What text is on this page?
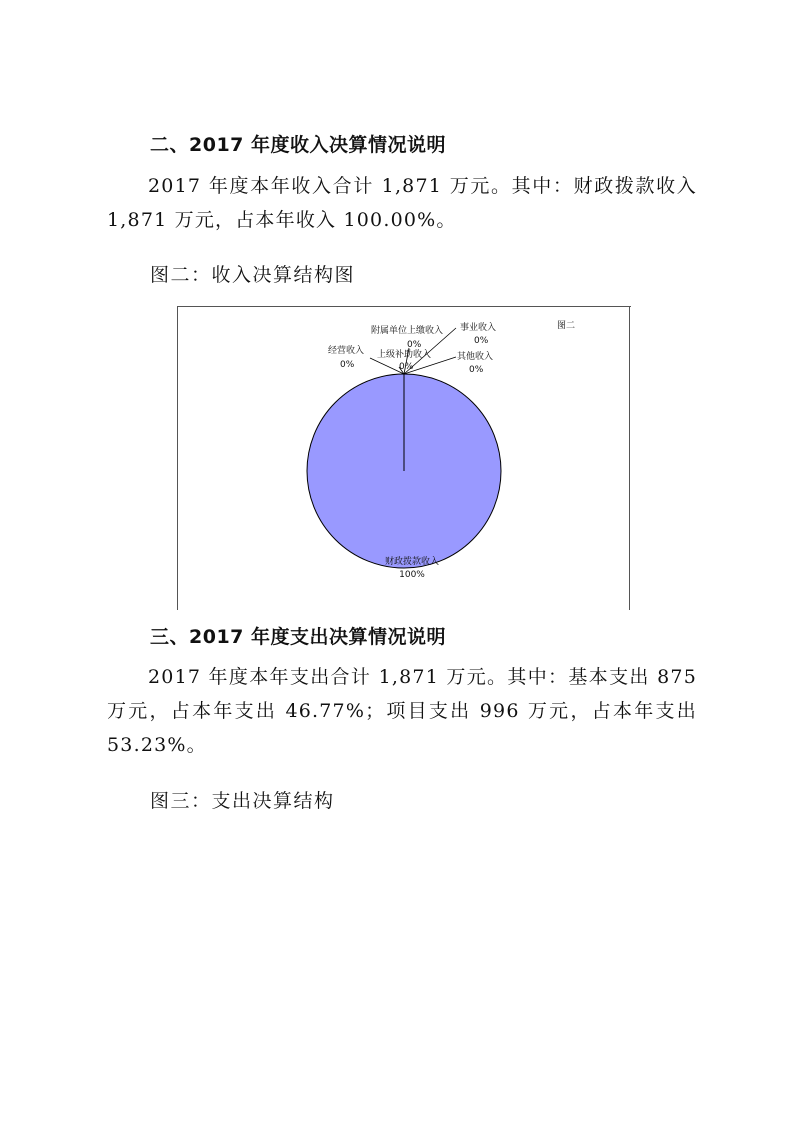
二、2017 年度收入决算情况说明

2017 年度本年收入合计 1,871 万元。其中：财政拨款收入 1,871 万元，占本年收入 100.00%。

图二：收入决算结构图
图二
财政拨款收入
100%
上级补助收入
0%
事业收入
0%
经营收入
0%
附属单位上缴收入
0%
其他收入
0%
三、2017 年度支出决算情况说明

2017 年度本年支出合计 1,871 万元。其中：基本支出 875 万元，占本年支出 46.77%；项目支出 996 万元，占本年支出 53.23%。

图三：支出决算结构
